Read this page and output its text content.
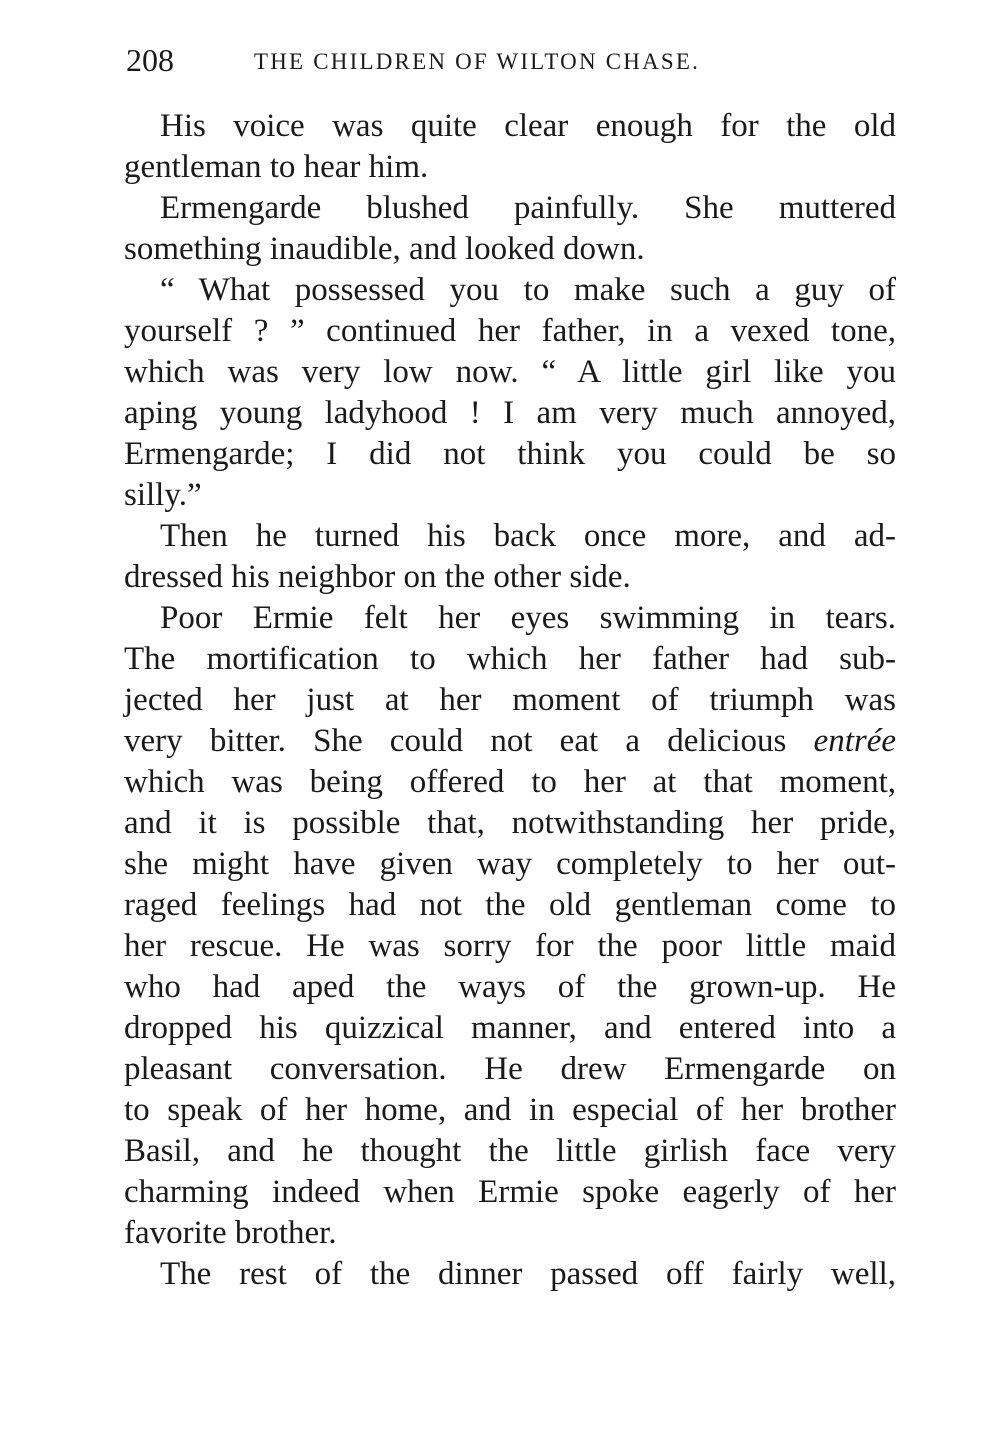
208	THE CHILDREN OF WILTON CHASE.
His voice was quite clear enough for the old
gentleman to hear him.
Ermengarde blushed painfully. She muttered
something inaudible, and looked down.
“ What possessed you to make such a guy of
yourself ? ” continued her father, in a vexed tone,
which was very low now. “ A little girl like you
aping young ladyhood ! I am very much annoyed,
Ermengarde; I did not think you could be so
silly.”
Then he turned his back once more, and ad-
dressed his neighbor on the other side.
Poor Ermie felt her eyes swimming in tears.
The mortification to which her father had sub-
jected her just at her moment of triumph was
very bitter. She could not eat a delicious entrée
which was being offered to her at that moment,
and it is possible that, notwithstanding her pride,
she might have given way completely to her out-
raged feelings had not the old gentleman come to
her rescue. He was sorry for the poor little maid
who had aped the ways of the grown-up. He
dropped his quizzical manner, and entered into a
pleasant conversation. He drew Ermengarde on
to speak of her home, and in especial of her brother
Basil, and he thought the little girlish face very
charming indeed when Ermie spoke eagerly of her
favorite brother.
The rest of the dinner passed off fairly well,
